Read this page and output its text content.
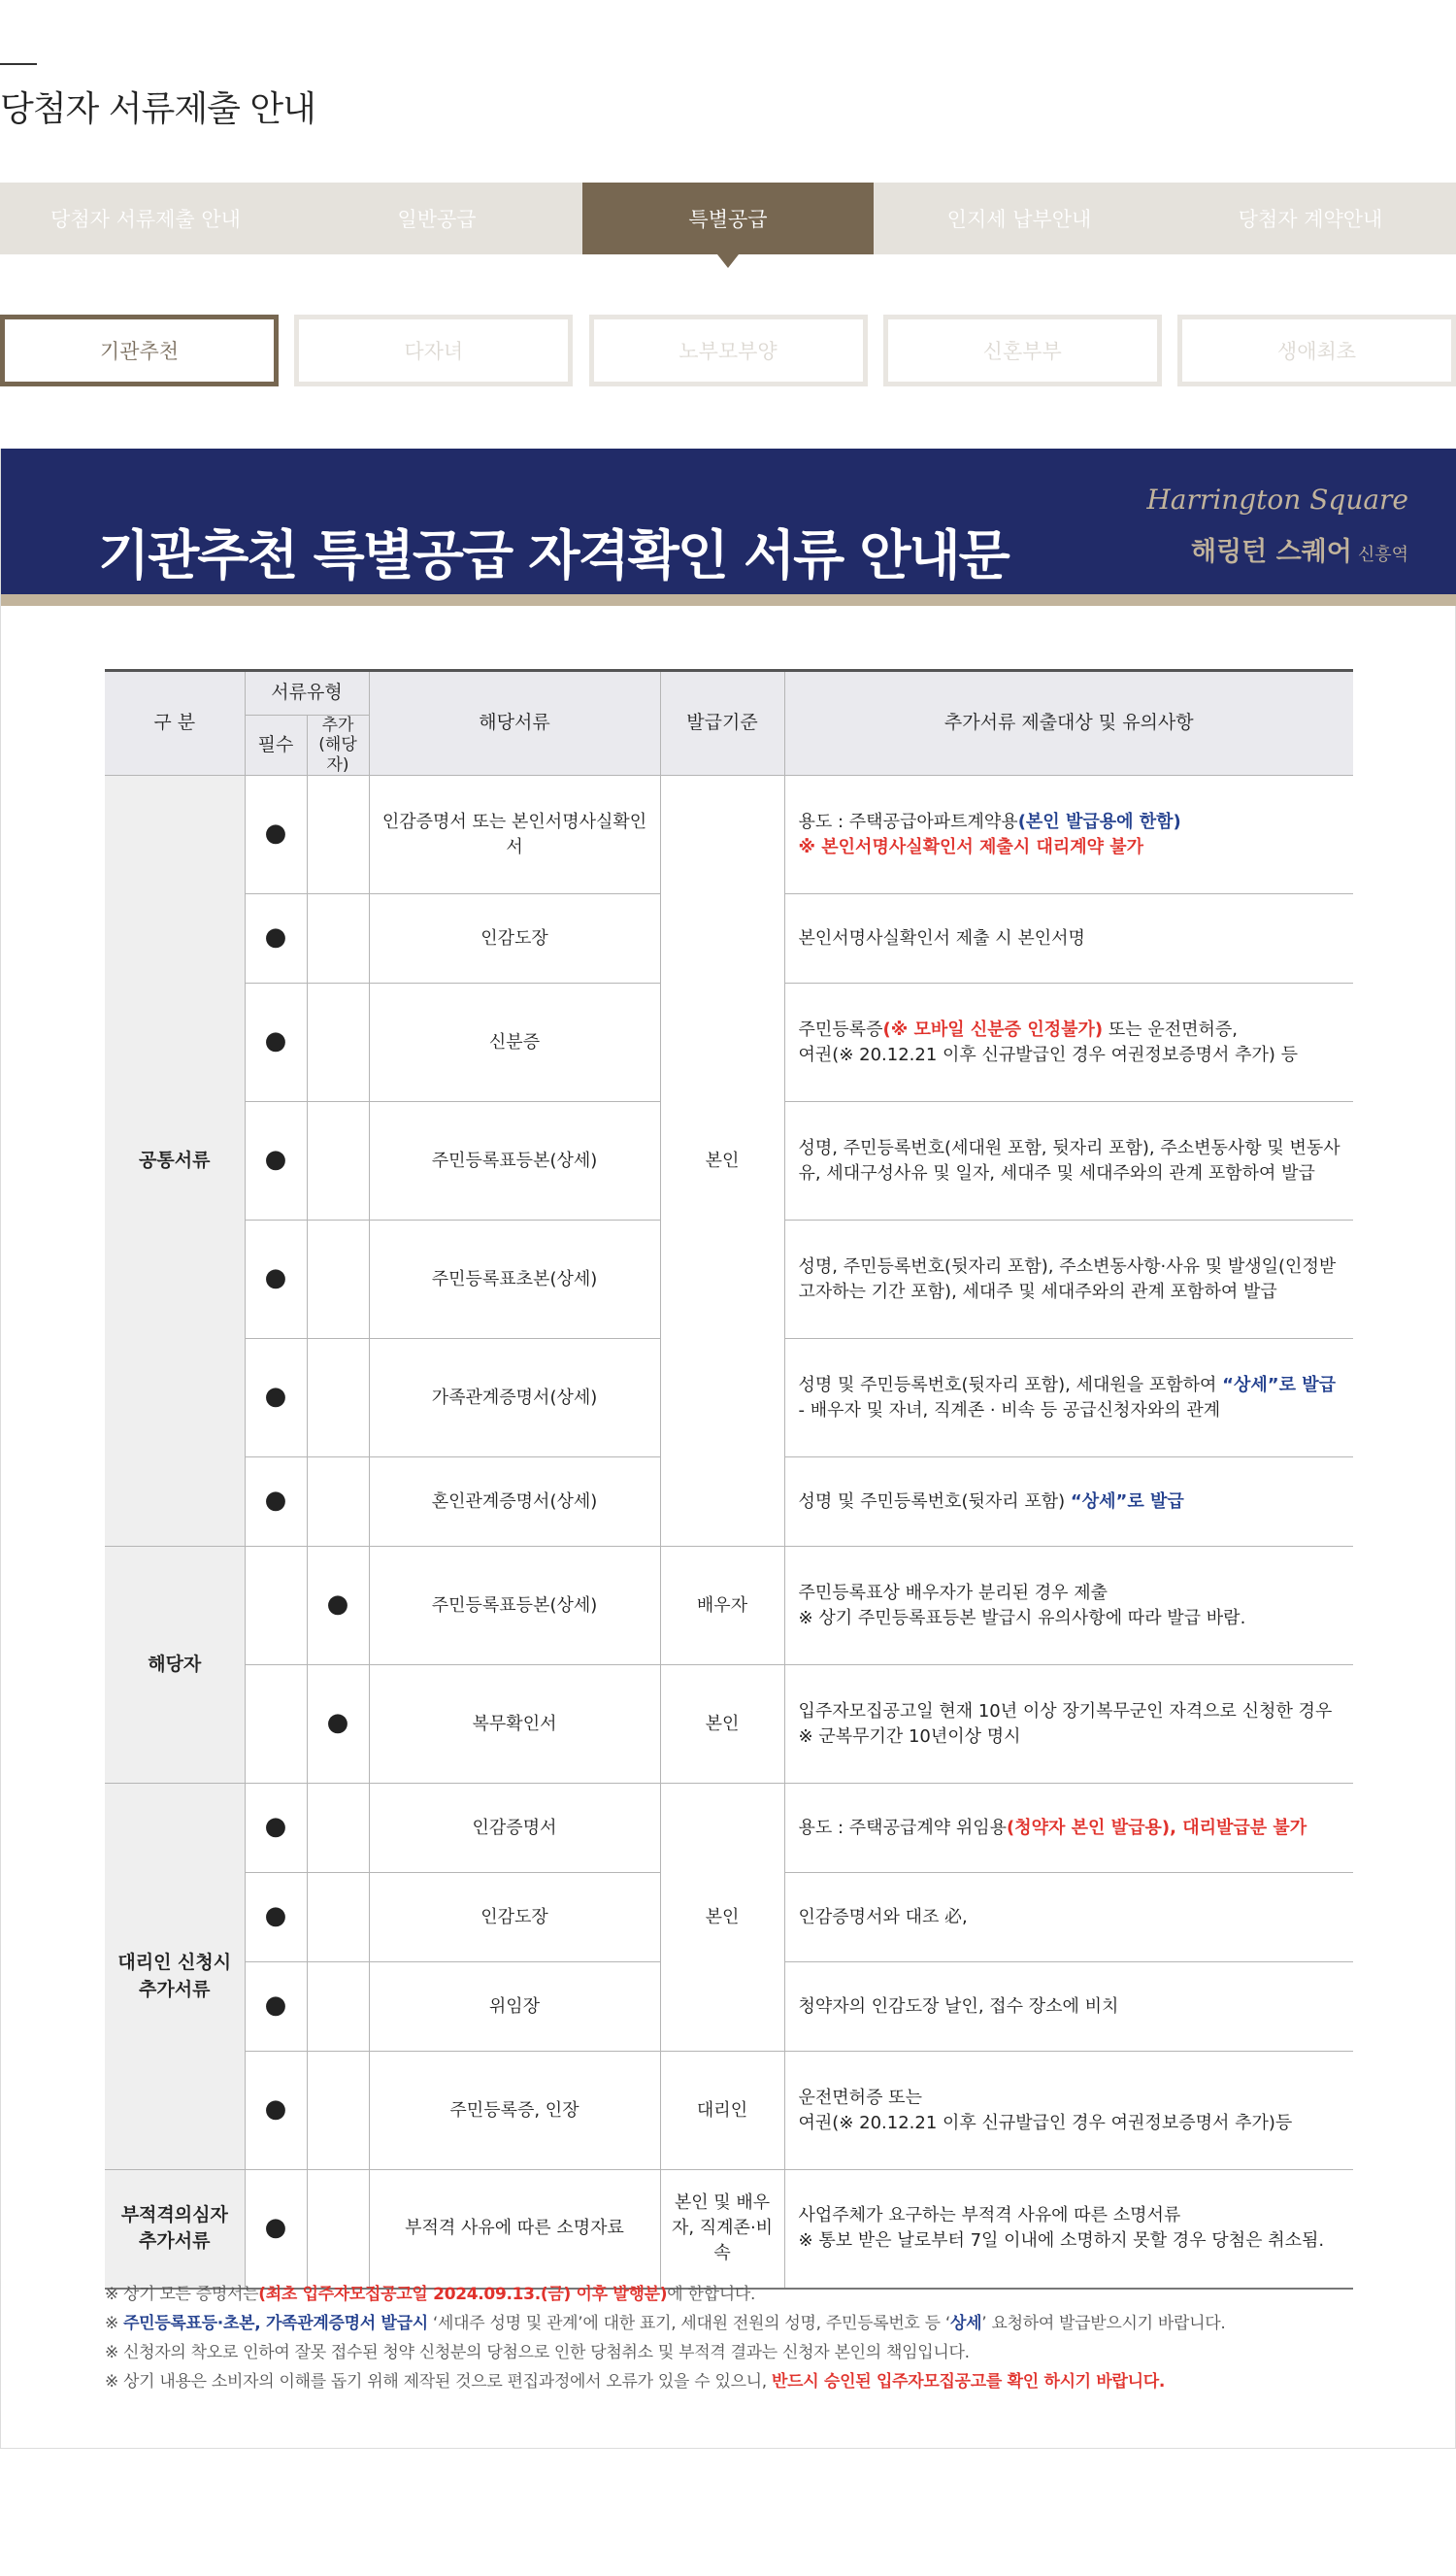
당첨자 서류제출 안내
당첨자 서류제출 안내	일반공급	특별공급	인지세 납부안내	당첨자 계약안내
기관추천	다자녀	노부모부양	신혼부부	생애최초
기관추천 특별공급 자격확인 서류 안내문
Harrington Square
해링턴 스퀘어 신흥역
구 분	서류유형		해당서류	발급기준	추가서류 제출대상 및 유의사항
	필수	추가
(해당자)			
공통서류	●		인감증명서 또는 본인서명사실확인서	본인	용도 : 주택공급아파트계약용(본인 발급용에 한함)
※ 본인서명사실확인서 제출시 대리계약 불가
	●		인감도장		본인서명사실확인서 제출 시 본인서명
	●		신분증		주민등록증(※ 모바일 신분증 인정불가) 또는 운전면허증,
여권(※ 20.12.21 이후 신규발급인 경우 여권정보증명서 추가) 등
	●		주민등록표등본(상세)		성명, 주민등록번호(세대원 포함, 뒷자리 포함), 주소변동사항 및 변동사유, 세대구성사유 및 일자, 세대주 및 세대주와의 관계 포함하여 발급
	●		주민등록표초본(상세)		성명, 주민등록번호(뒷자리 포함), 주소변동사항·사유 및 발생일(인정받고자하는 기간 포함), 세대주 및 세대주와의 관계 포함하여 발급
	●		가족관계증명서(상세)		성명 및 주민등록번호(뒷자리 포함), 세대원을 포함하여 “상세”로 발급
- 배우자 및 자녀, 직계존 · 비속 등 공급신청자와의 관계
	●		혼인관계증명서(상세)		성명 및 주민등록번호(뒷자리 포함) “상세”로 발급
해당자		●	주민등록표등본(상세)	배우자	주민등록표상 배우자가 분리된 경우 제출
※ 상기 주민등록표등본 발급시 유의사항에 따라 발급 바람.
		●	복무확인서	본인	입주자모집공고일 현재 10년 이상 장기복무군인 자격으로 신청한 경우
※ 군복무기간 10년이상 명시
대리인 신청시 추가서류	●		인감증명서	본인	용도 : 주택공급계약 위임용(청약자 본인 발급용), 대리발급분 불가
	●		인감도장		인감증명서와 대조 必,
	●		위임장		청약자의 인감도장 날인, 접수 장소에 비치
	●		주민등록증, 인장	대리인	운전면허증 또는
여권(※ 20.12.21 이후 신규발급인 경우 여권정보증명서 추가)등
부적격의심자 추가서류	●		부적격 사유에 따른 소명자료	본인 및 배우자, 직계존·비속	사업주체가 요구하는 부적격 사유에 따른 소명서류
※ 통보 받은 날로부터 7일 이내에 소명하지 못할 경우 당첨은 취소됨.
※ 상기 모든 증명서는(최초 입주자모집공고일 2024.09.13.(금) 이후 발행분)에 한합니다.
※ 주민등록표등·초본, 가족관계증명서 발급시 ‘세대주 성명 및 관계’에 대한 표기, 세대원 전원의 성명, 주민등록번호 등 ‘상세’ 요청하여 발급받으시기 바랍니다.
※ 신청자의 착오로 인하여 잘못 접수된 청약 신청분의 당첨으로 인한 당첨취소 및 부적격 결과는 신청자 본인의 책임입니다.
※ 상기 내용은 소비자의 이해를 돕기 위해 제작된 것으로 편집과정에서 오류가 있을 수 있으니, 반드시 승인된 입주자모집공고를 확인 하시기 바랍니다.
